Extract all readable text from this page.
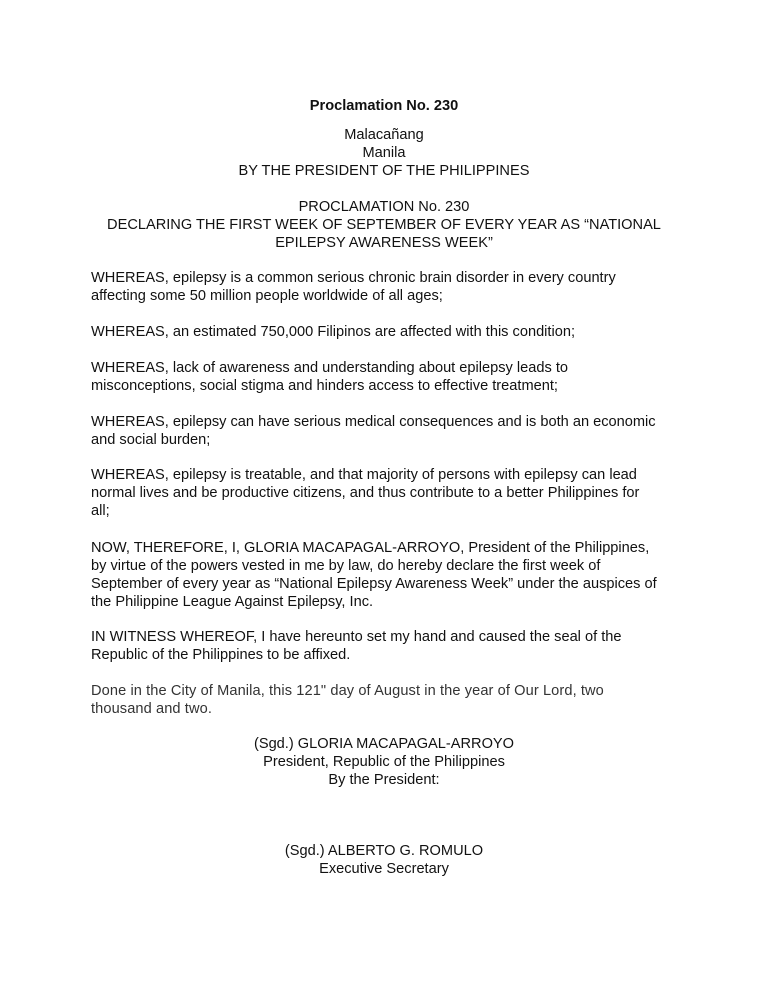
Proclamation No. 230
Malacañang
Manila
BY THE PRESIDENT OF THE PHILIPPINES
PROCLAMATION No. 230
DECLARING THE FIRST WEEK OF SEPTEMBER OF EVERY YEAR AS “NATIONAL
EPILEPSY AWARENESS WEEK”
WHEREAS, epilepsy is a common serious chronic brain disorder in every country
affecting some 50 million people worldwide of all ages;
WHEREAS, an estimated 750,000 Filipinos are affected with this condition;
WHEREAS, lack of awareness and understanding about epilepsy leads to
misconceptions, social stigma and hinders access to effective treatment;
WHEREAS, epilepsy can have serious medical consequences and is both an economic
and social burden;
WHEREAS, epilepsy is treatable, and that majority of persons with epilepsy can lead
normal lives and be productive citizens, and thus contribute to a better Philippines for
all;
NOW, THEREFORE, I, GLORIA MACAPAGAL-ARROYO, President of the Philippines,
by virtue of the powers vested in me by law, do hereby declare the first week of
September of every year as “National Epilepsy Awareness Week” under the auspices of
the Philippine League Against Epilepsy, Inc.
IN WITNESS WHEREOF, I have hereunto set my hand and caused the seal of the
Republic of the Philippines to be affixed.
Done in the City of Manila, this 121" day of August in the year of Our Lord, two
thousand and two.
(Sgd.) GLORIA MACAPAGAL-ARROYO
President, Republic of the Philippines
By the President:
(Sgd.) ALBERTO G. ROMULO
Executive Secretary
